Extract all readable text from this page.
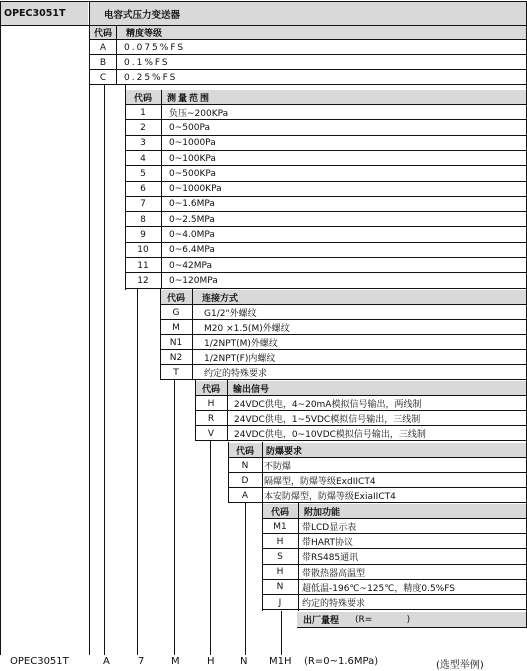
OPEC3051T	电容式压力变送器
代码	精度等级
A	0.075%FS
B	0.1%FS
C	0.25%FS
代码	测量范围
1	负压~200KPa
2	0~500Pa
3	0~1000Pa
4	0~100KPa
5	0~500KPa
6	0~1000KPa
7	0~1.6MPa
8	0~2.5MPa
9	0~4.0MPa
10	0~6.4MPa
11	0~42MPa
12	0~120MPa
代码	连接方式
G	G1/2"外螺纹
M	M20 ×1.5(M)外螺纹
N1	1/2NPT(M)外螺纹
N2	1/2NPT(F)内螺纹
T	约定的特殊要求
代码	输出信号
H	24VDC供电，4~20mA模拟信号输出，两线制
R	24VDC供电，1~5VDC模拟信号输出，三线制
V	24VDC供电，0~10VDC模拟信号输出，三线制
代码	防爆要求
N	不防爆
D	隔爆型，防爆等级ExdIICT4
A	本安防爆型，防爆等级ExiaIICT4
代码	附加功能
M1	带LCD显示表
H	带HART协议
S	带RS485通讯
H	带散热器高温型
N	超低温-196℃~125℃，精度0.5%FS
J	约定的特殊要求
出厂量程 (R=            )
OPEC3051T	A	7	M	H	N M1H (R=0~1.6MPa)	(选型举例)
